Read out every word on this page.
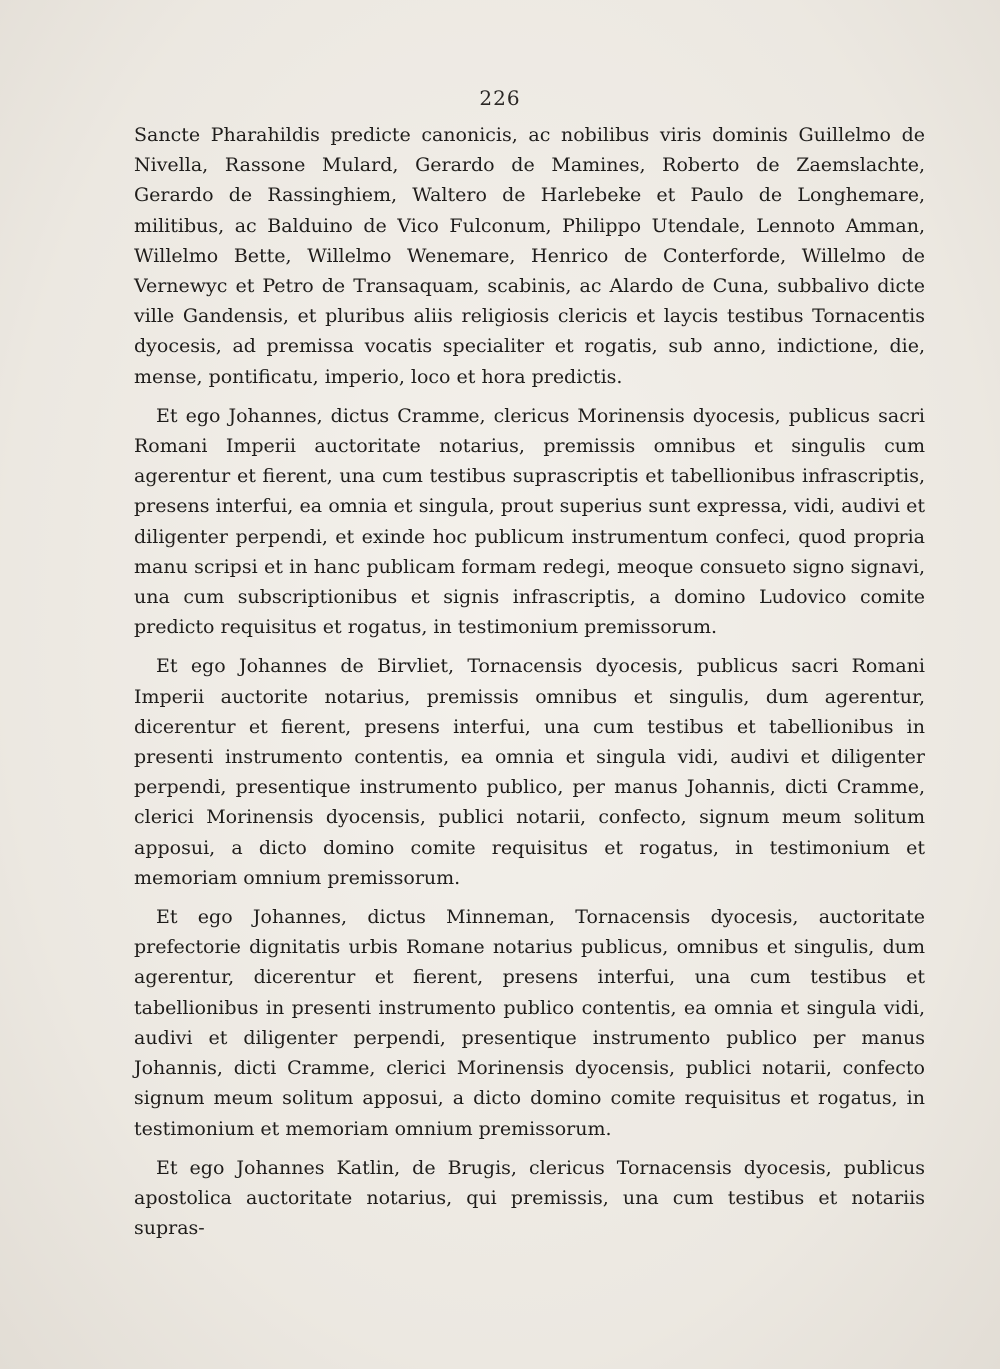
226

Sancte Pharahildis predicte canonicis, ac nobilibus viris dominis Guillelmo de Nivella, Rassone Mulard, Gerardo de Mamines, Roberto de Zaemslachte, Gerardo de Rassinghiem, Waltero de Harlebeke et Paulo de Longhemare, militibus, ac Balduino de Vico Fulconum, Philippo Utendale, Lennoto Amman, Willelmo Bette, Willelmo Wenemare, Henrico de Conterforde, Willelmo de Vernewyc et Petro de Transaquam, scabinis, ac Alardo de Cuna, subbalivo dicte ville Gandensis, et pluribus aliis religiosis clericis et laycis testibus Tornacentis dyocesis, ad premissa vocatis specialiter et rogatis, sub anno, indictione, die, mense, pontificatu, imperio, loco et hora predictis.

Et ego Johannes, dictus Cramme, clericus Morinensis dyocesis, publicus sacri Romani Imperii auctoritate notarius, premissis omnibus et singulis cum agerentur et fierent, una cum testibus suprascriptis et tabellionibus infrascriptis, presens interfui, ea omnia et singula, prout superius sunt expressa, vidi, audivi et diligenter perpendi, et exinde hoc publicum instrumentum confeci, quod propria manu scripsi et in hanc publicam formam redegi, meoque consueto signo signavi, una cum subscriptionibus et signis infrascriptis, a domino Ludovico comite predicto requisitus et rogatus, in testimonium premissorum.

Et ego Johannes de Birvliet, Tornacensis dyocesis, publicus sacri Romani Imperii auctorite notarius, premissis omnibus et singulis, dum agerentur, dicerentur et fierent, presens interfui, una cum testibus et tabellionibus in presenti instrumento contentis, ea omnia et singula vidi, audivi et diligenter perpendi, presentique instrumento publico, per manus Johannis, dicti Cramme, clerici Morinensis dyocensis, publici notarii, confecto, signum meum solitum apposui, a dicto domino comite requisitus et rogatus, in testimonium et memoriam omnium premissorum.

Et ego Johannes, dictus Minneman, Tornacensis dyocesis, auctoritate prefectorie dignitatis urbis Romane notarius publicus, omnibus et singulis, dum agerentur, dicerentur et fierent, presens interfui, una cum testibus et tabellionibus in presenti instrumento publico contentis, ea omnia et singula vidi, audivi et diligenter perpendi, presentique instrumento publico per manus Johannis, dicti Cramme, clerici Morinensis dyocensis, publici notarii, confecto signum meum solitum apposui, a dicto domino comite requisitus et rogatus, in testimonium et memoriam omnium premissorum.

Et ego Johannes Katlin, de Brugis, clericus Tornacensis dyocesis, publicus apostolica auctoritate notarius, qui premissis, una cum testibus et notariis supras-
